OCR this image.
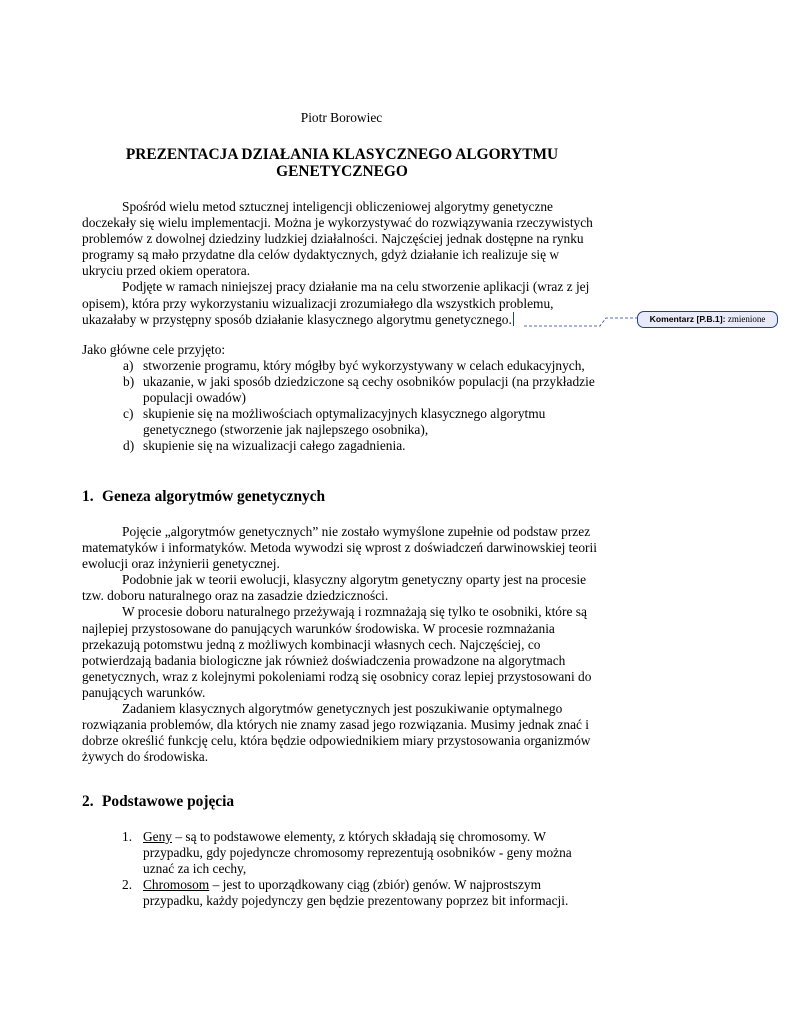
Piotr Borowiec
PREZENTACJA DZIAŁANIA KLASYCZNEGO ALGORYTMU GENETYCZNEGO

Spośród wielu metod sztucznej inteligencji obliczeniowej algorytmy genetyczne doczekały się wielu implementacji. Można je wykorzystywać do rozwiązywania rzeczywistych problemów z dowolnej dziedziny ludzkiej działalności. Najczęściej jednak dostępne na rynku programy są mało przydatne dla celów dydaktycznych, gdyż działanie ich realizuje się w ukryciu przed okiem operatora.

Podjęte w ramach niniejszej pracy działanie ma na celu stworzenie aplikacji (wraz z jej opisem), która przy wykorzystaniu wizualizacji zrozumiałego dla wszystkich problemu, ukazałaby w przystępny sposób działanie klasycznego algorytmu genetycznego.

Jako główne cele przyjęto:

a) stworzenie programu, który mógłby być wykorzystywany w celach edukacyjnych,
b) ukazanie, w jaki sposób dziedziczone są cechy osobników populacji (na przykładzie populacji owadów)
c) skupienie się na możliwościach optymalizacyjnych klasycznego algorytmu genetycznego (stworzenie jak najlepszego osobnika),
d) skupienie się na wizualizacji całego zagadnienia.
1. Geneza algorytmów genetycznych

Pojęcie „algorytmów genetycznych” nie zostało wymyślone zupełnie od podstaw przez matematyków i informatyków. Metoda wywodzi się wprost z doświadczeń darwinowskiej teorii ewolucji oraz inżynierii genetycznej.

Podobnie jak w teorii ewolucji, klasyczny algorytm genetyczny oparty jest na procesie tzw. doboru naturalnego oraz na zasadzie dziedziczności.

W procesie doboru naturalnego przeżywają i rozmnażają się tylko te osobniki, które są najlepiej przystosowane do panujących warunków środowiska. W procesie rozmnażania przekazują potomstwu jedną z możliwych kombinacji własnych cech. Najczęściej, co potwierdzają badania biologiczne jak również doświadczenia prowadzone na algorytmach genetycznych, wraz z kolejnymi pokoleniami rodzą się osobnicy coraz lepiej przystosowani do panujących warunków.

Zadaniem klasycznych algorytmów genetycznych jest poszukiwanie optymalnego rozwiązania problemów, dla których nie znamy zasad jego rozwiązania. Musimy jednak znać i dobrze określić funkcję celu, która będzie odpowiednikiem miary przystosowania organizmów żywych do środowiska.

2. Podstawowe pojęcia
1. Geny – są to podstawowe elementy, z których składają się chromosomy. W przypadku, gdy pojedyncze chromosomy reprezentują osobników - geny można uznać za ich cechy,
2. Chromosom – jest to uporządkowany ciąg (zbiór) genów. W najprostszym przypadku, każdy pojedynczy gen będzie prezentowany poprzez bit informacji.
Komentarz [P.B.1]: zmienione
